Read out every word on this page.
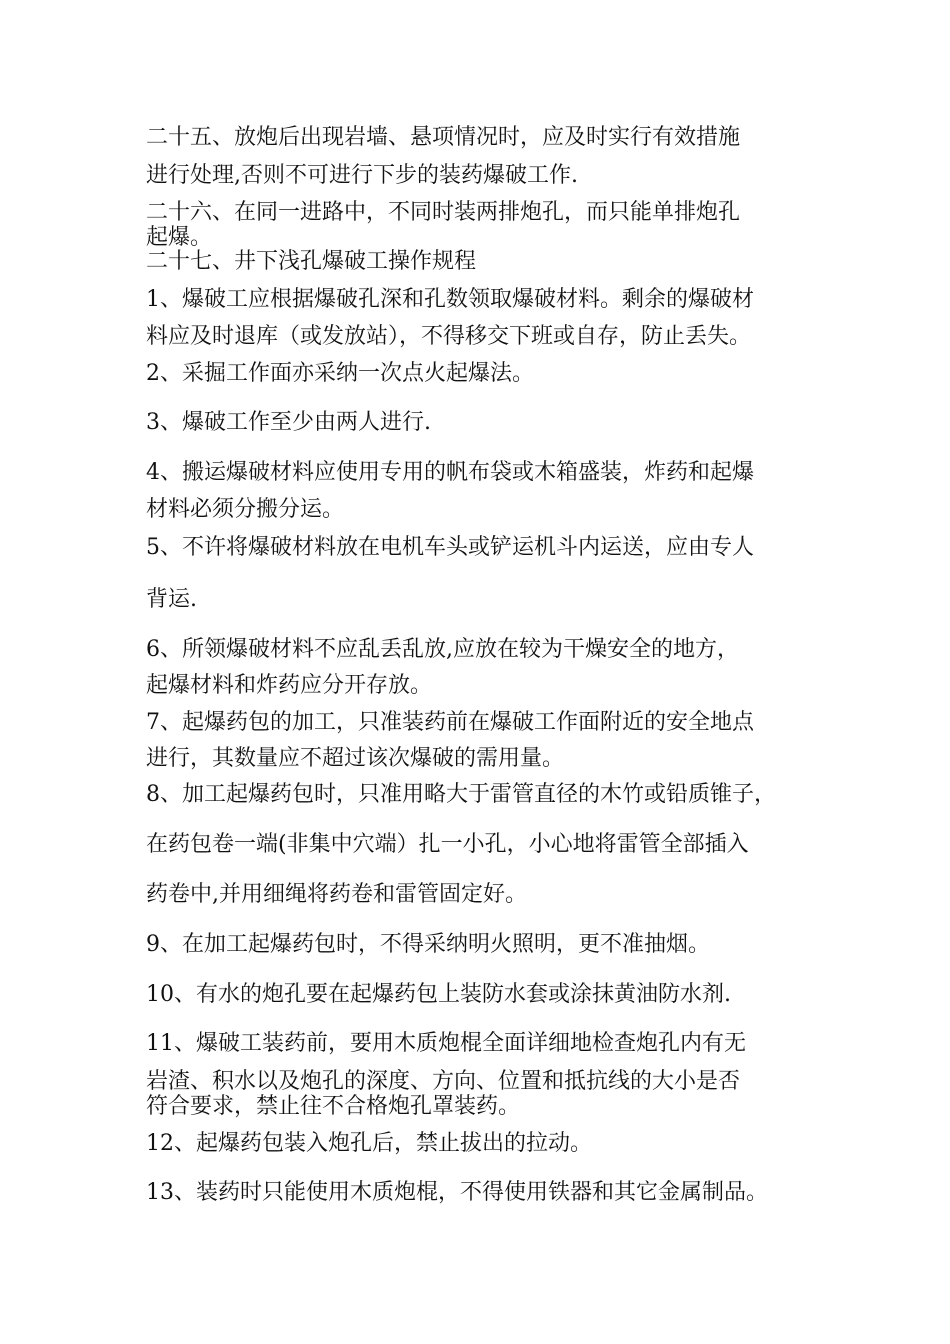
二十五、放炮后出现岩墙、悬项情况时，应及时实行有效措施
进行处理,否则不可进行下步的装药爆破工作.
二十六、在同一进路中，不同时装两排炮孔，而只能单排炮孔
起爆。
二十七、井下浅孔爆破工操作规程
1、爆破工应根据爆破孔深和孔数领取爆破材料。剩余的爆破材
料应及时退库（或发放站），不得移交下班或自存，防止丢失。
2、采掘工作面亦采纳一次点火起爆法。
3、爆破工作至少由两人进行.
4、搬运爆破材料应使用专用的帆布袋或木箱盛装，炸药和起爆
材料必须分搬分运。
5、不许将爆破材料放在电机车头或铲运机斗内运送，应由专人
背运.
6、所领爆破材料不应乱丢乱放,应放在较为干燥安全的地方，
起爆材料和炸药应分开存放。
7、起爆药包的加工，只准装药前在爆破工作面附近的安全地点
进行，其数量应不超过该次爆破的需用量。
8、加工起爆药包时，只准用略大于雷管直径的木竹或铅质锥子，
在药包卷一端(非集中穴端）扎一小孔，小心地将雷管全部插入
药卷中,并用细绳将药卷和雷管固定好。
9、在加工起爆药包时，不得采纳明火照明，更不准抽烟。
10、有水的炮孔要在起爆药包上装防水套或涂抹黄油防水剂.
11、爆破工装药前，要用木质炮棍全面详细地检查炮孔内有无
岩渣、积水以及炮孔的深度、方向、位置和抵抗线的大小是否
符合要求，禁止往不合格炮孔罩装药。
12、起爆药包装入炮孔后，禁止拔出的拉动。
13、装药时只能使用木质炮棍，不得使用铁器和其它金属制品。
